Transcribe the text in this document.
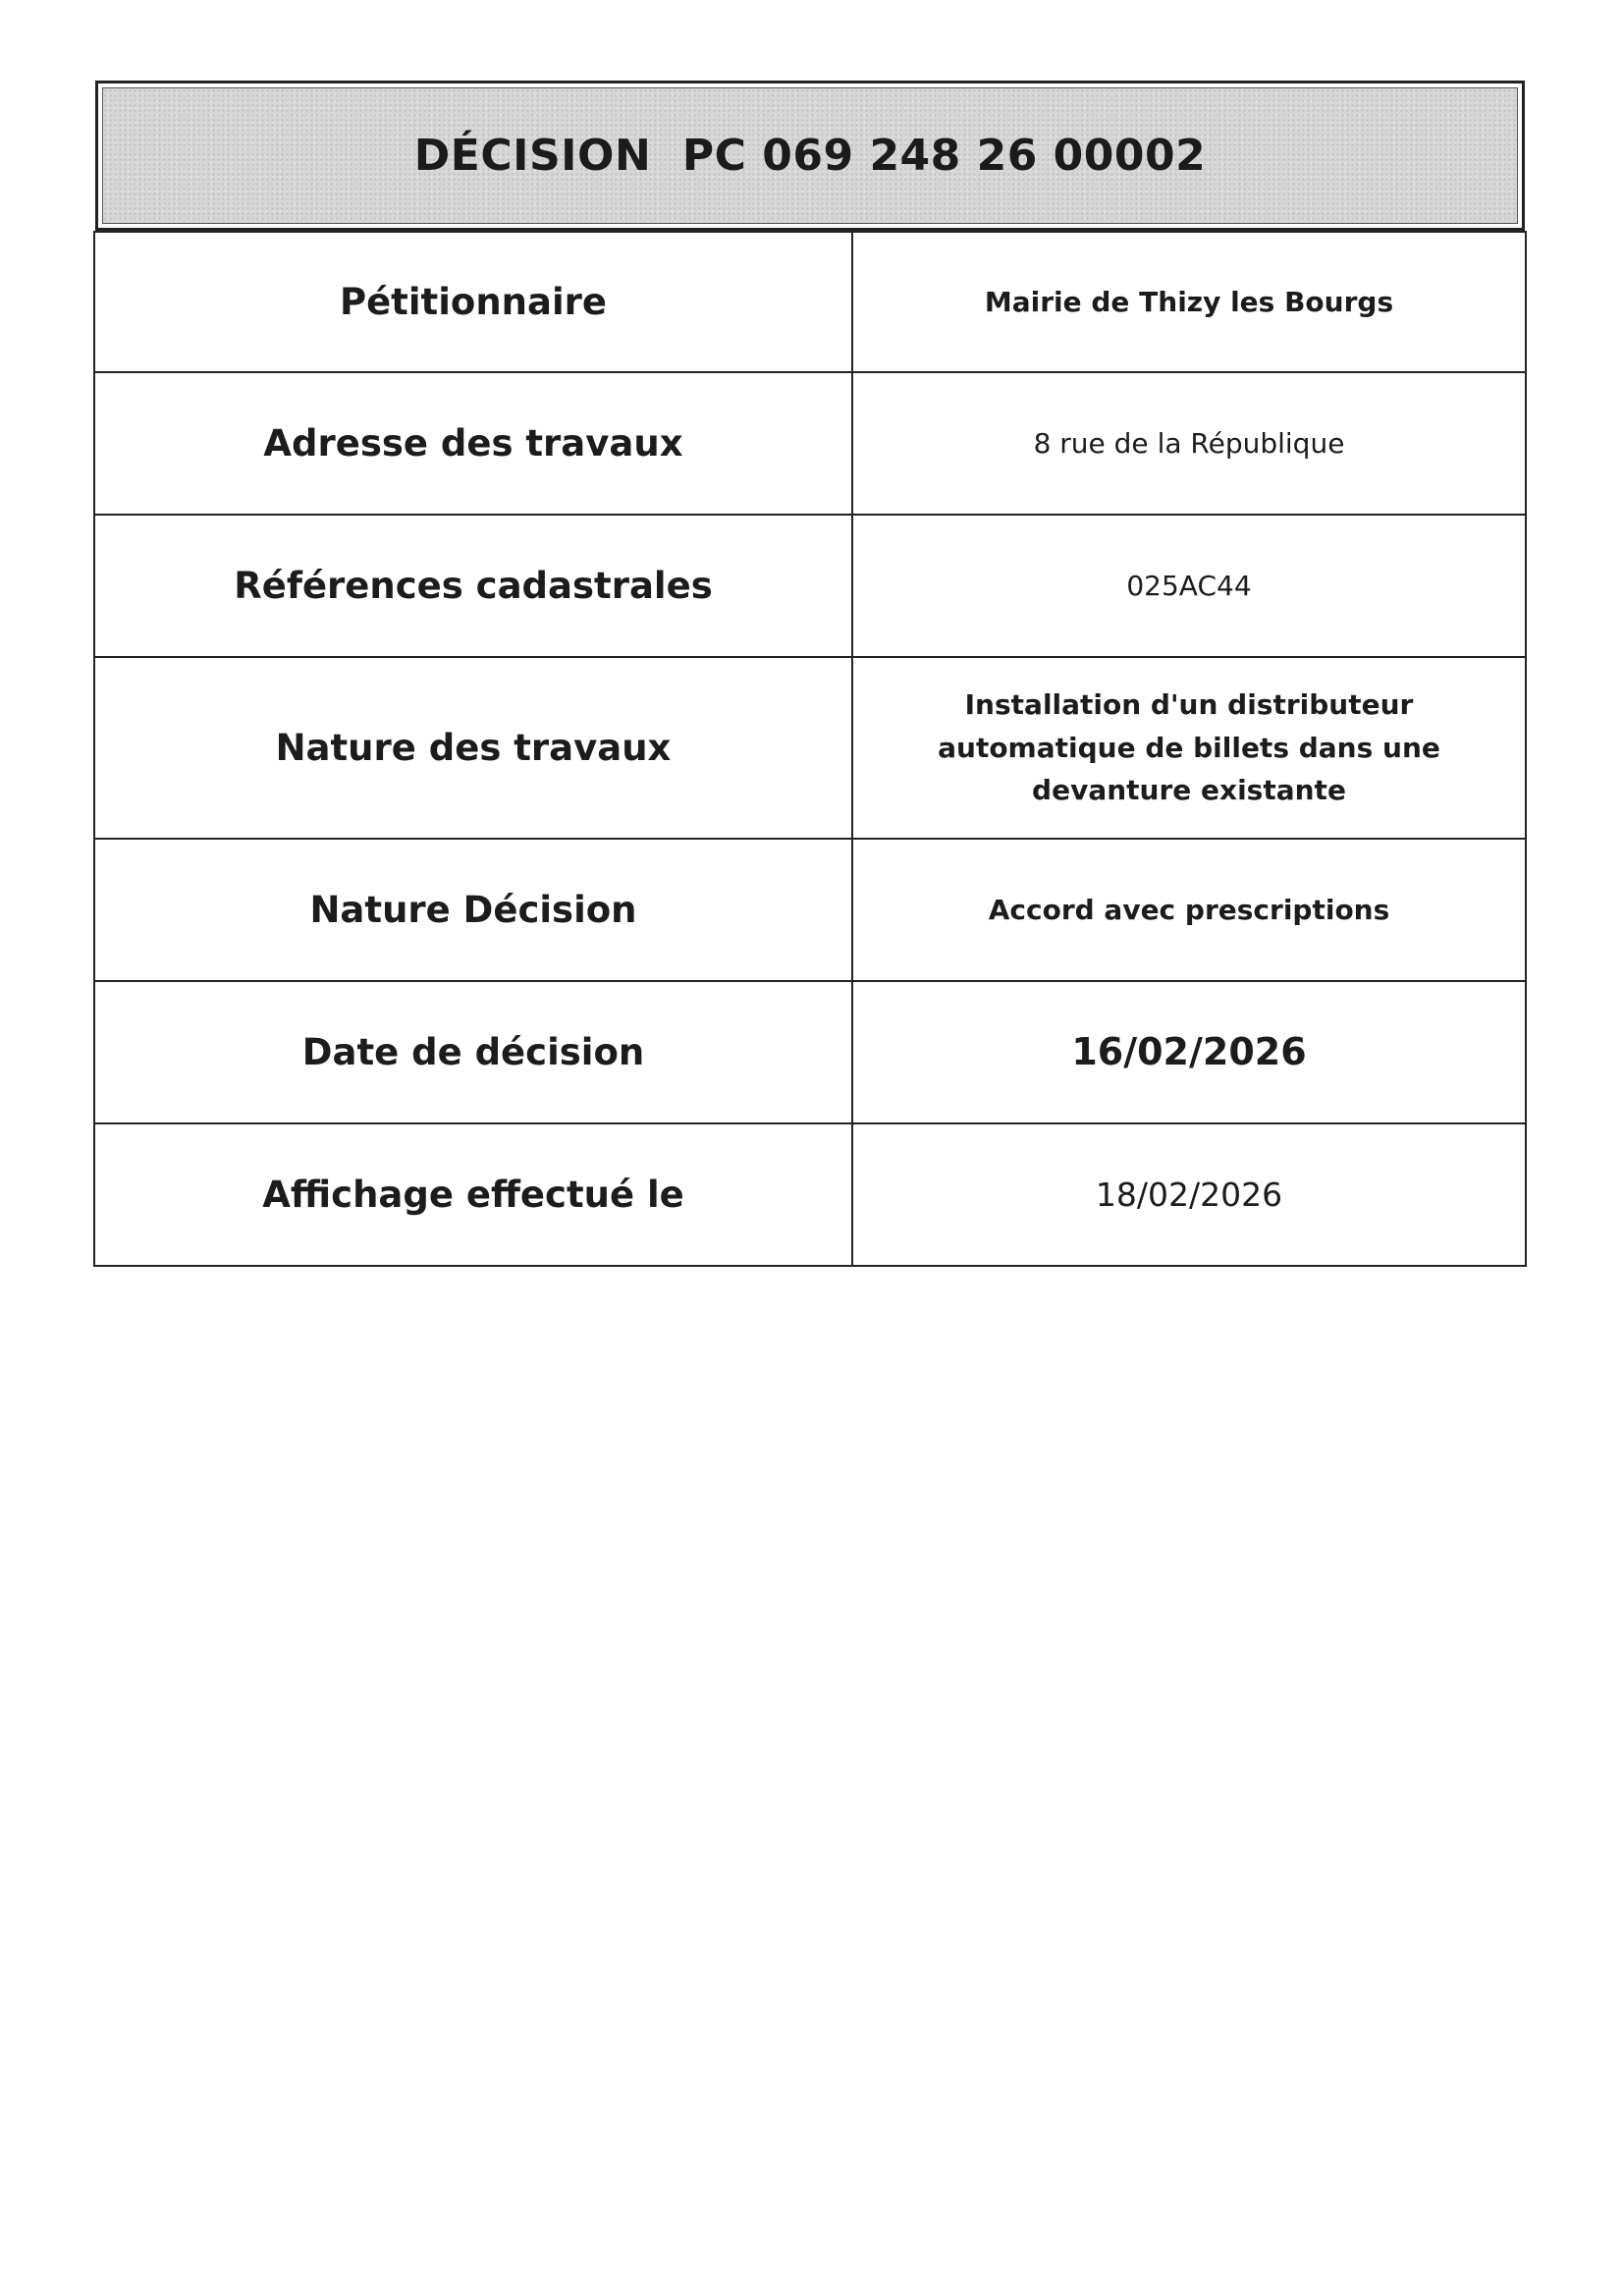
DÉCISION  PC 069 248 26 00002
Pétitionnaire	Mairie de Thizy les Bourgs
Adresse des travaux	8 rue de la République
Références cadastrales	025AC44
Nature des travaux	Installation d'un distributeur automatique de billets dans une devanture existante
Nature Décision	Accord avec prescriptions
Date de décision	16/02/2026
Affichage effectué le	18/02/2026
